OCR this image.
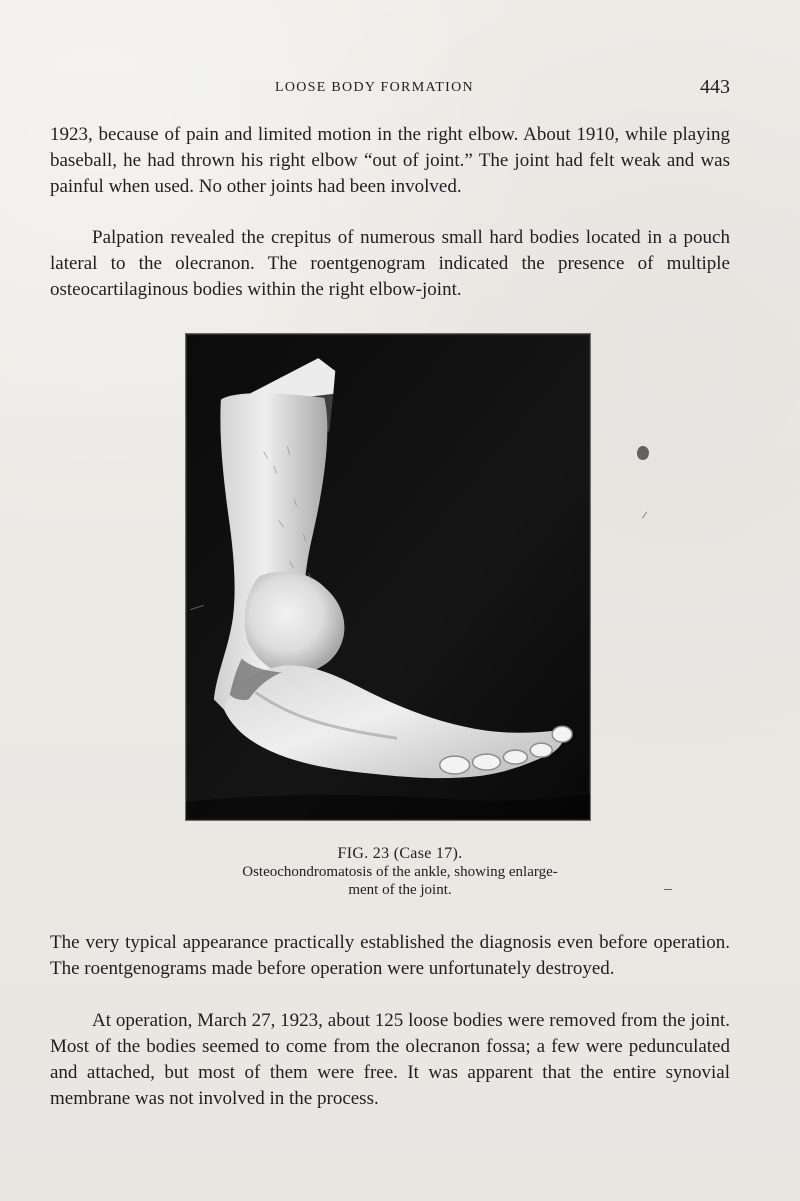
LOOSE BODY FORMATION	443

1923, because of pain and limited motion in the right elbow. About 1910, while playing baseball, he had thrown his right elbow “out of joint.” The joint had felt weak and was painful when used. No other joints had been involved.

Palpation revealed the crepitus of numerous small hard bodies located in a pouch lateral to the olecranon. The roentgenogram indicated the presence of multiple osteocartilaginous bodies within the right elbow-joint.

FIG. 23 (Case 17).
Osteochondromatosis of the ankle, showing enlarge-
ment of the joint.

The very typical appearance practically established the diagnosis even before operation. The roentgenograms made before operation were unfortunately destroyed.

At operation, March 27, 1923, about 125 loose bodies were removed from the joint. Most of the bodies seemed to come from the olecranon fossa; a few were pedunculated and attached, but most of them were free. It was apparent that the entire synovial membrane was not involved in the process.
